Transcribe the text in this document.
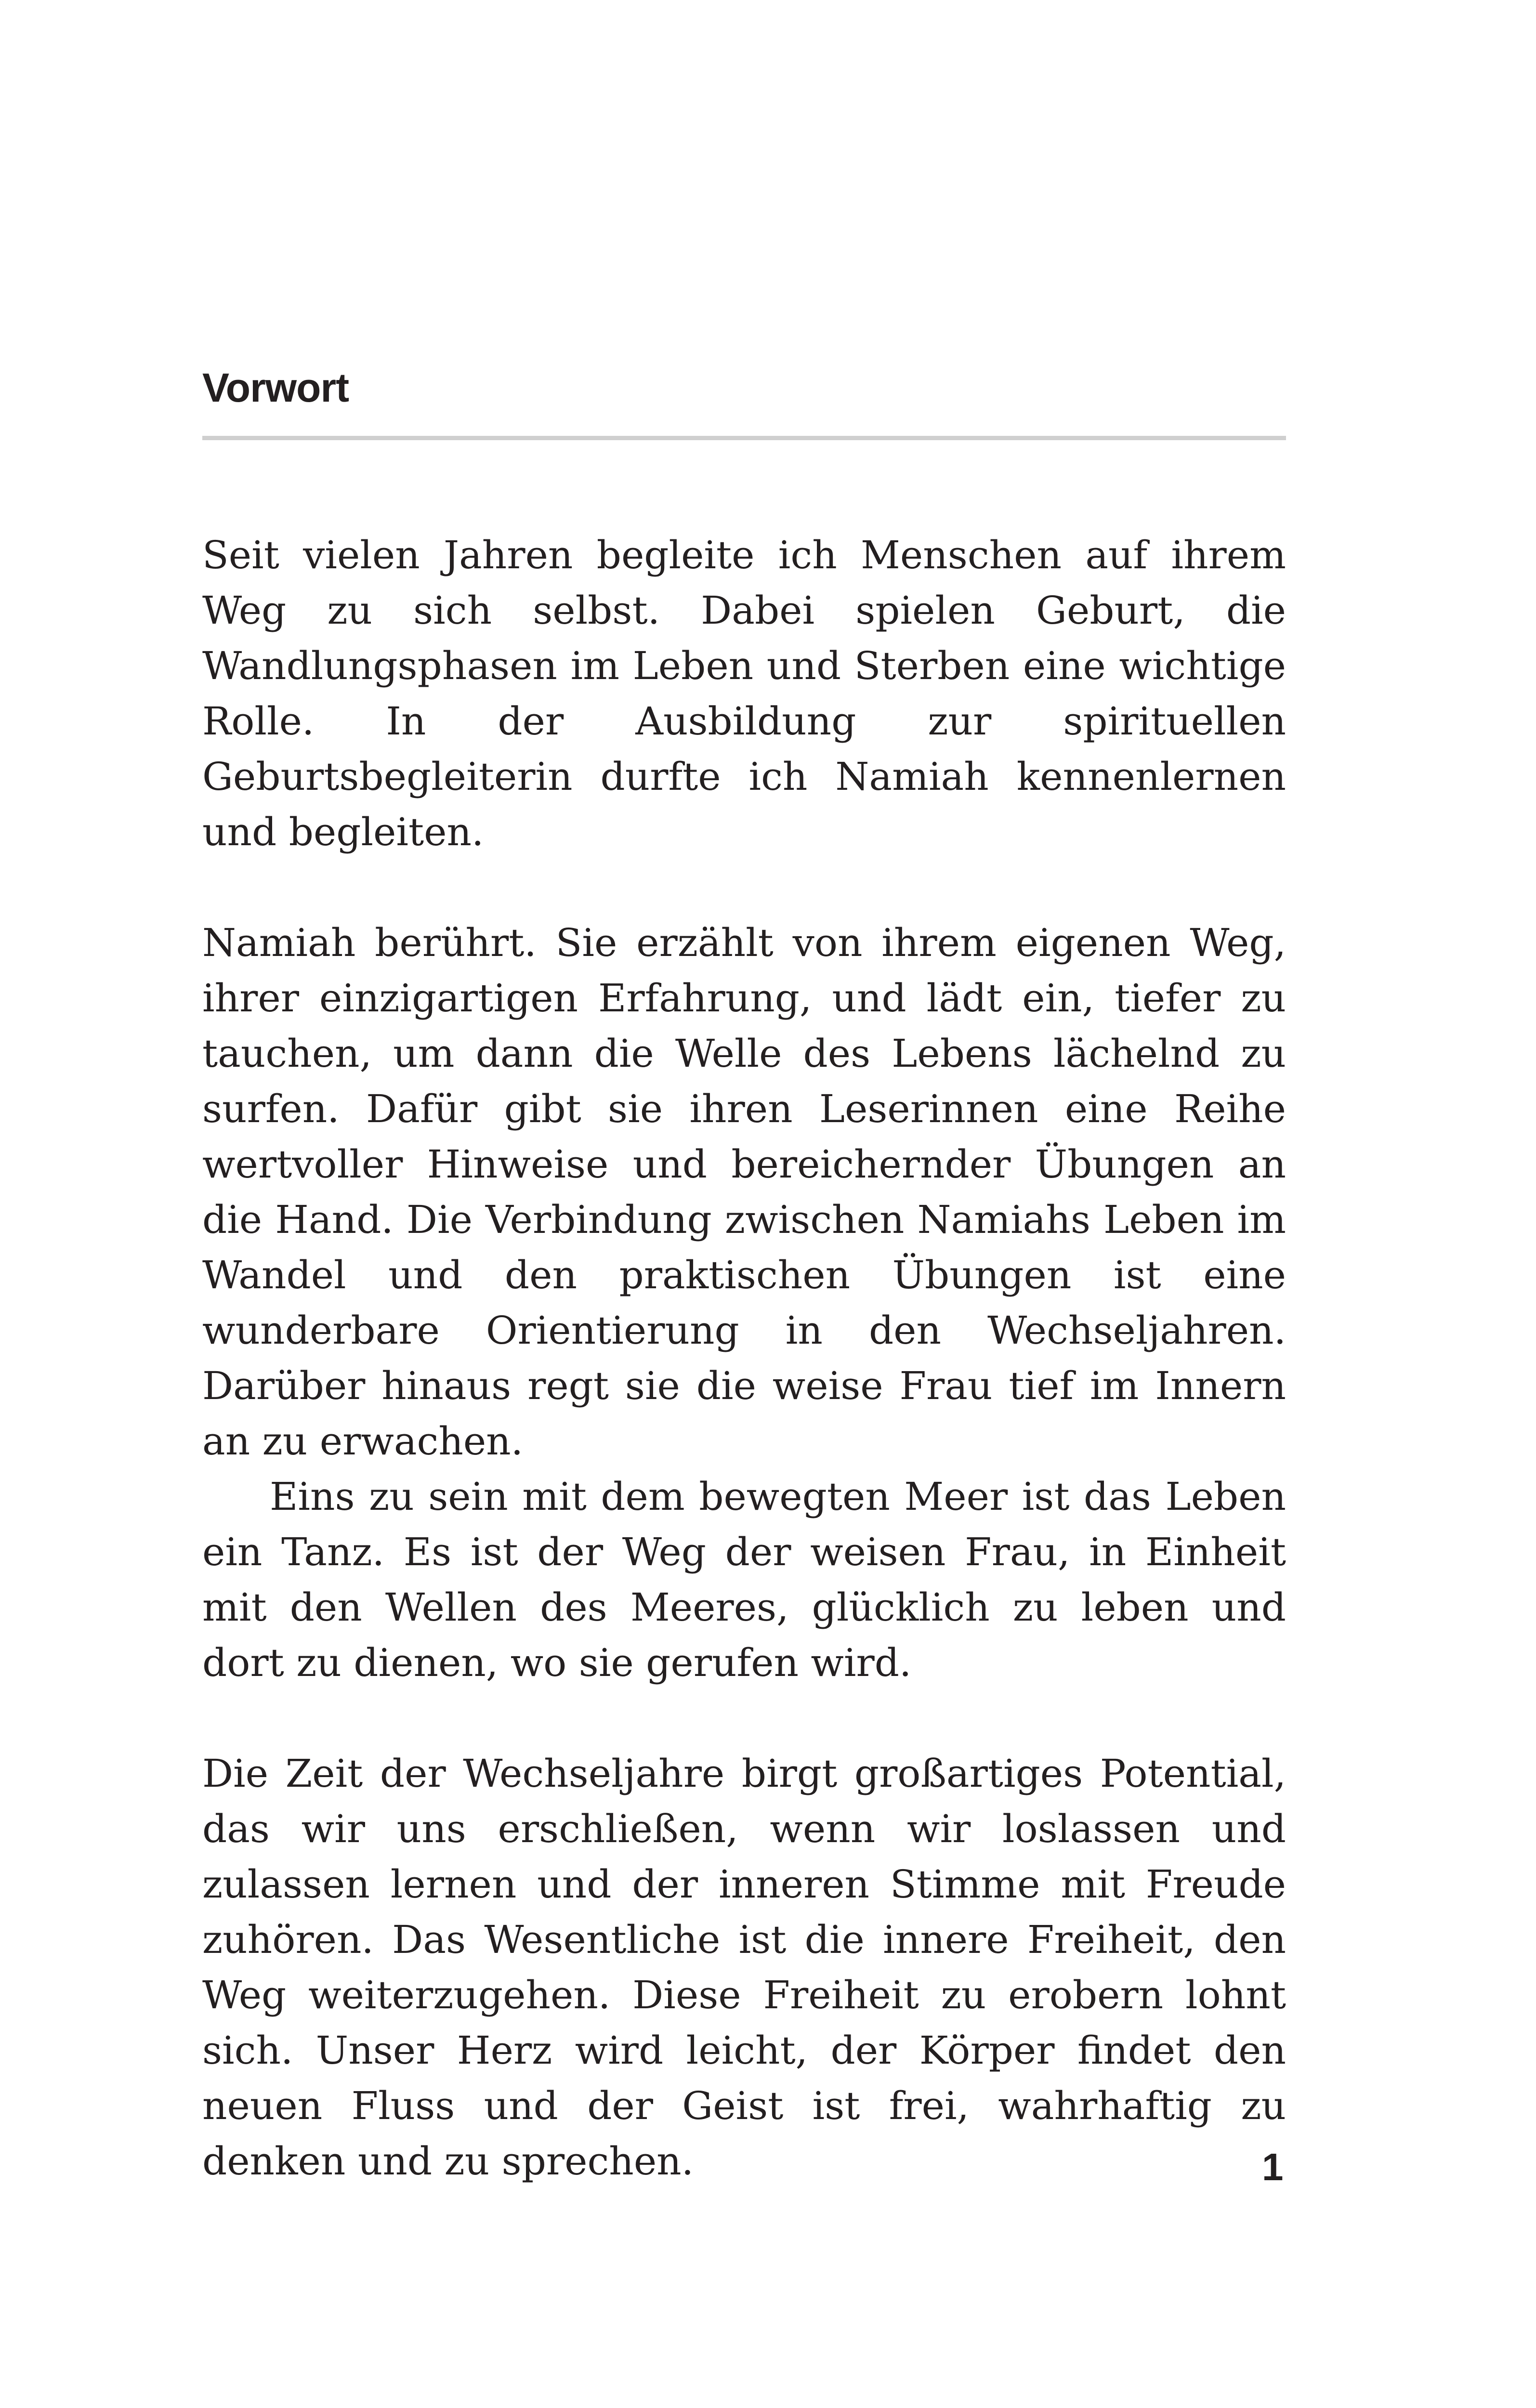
Vorwort

Seit vielen Jahren begleite ich Menschen auf ihrem Weg zu sich selbst. Dabei spielen Geburt, die Wandlungsphasen im Leben und Sterben eine wichtige Rolle. In der Ausbildung zur spirituellen Geburtsbegleiterin durfte ich Namiah kennenlernen und begleiten.

Namiah berührt. Sie erzählt von ihrem eigenen Weg, ihrer einzigartigen Erfahrung, und lädt ein, tiefer zu tauchen, um dann die Welle des Lebens lächelnd zu surfen. Dafür gibt sie ihren Leserinnen eine Reihe wertvoller Hinweise und bereichernder Übungen an die Hand. Die Verbindung zwischen Namiahs Leben im Wandel und den praktischen Übungen ist eine wunderbare Orientierung in den Wechseljahren. Darüber hinaus regt sie die weise Frau tief im Innern an zu erwachen.

Eins zu sein mit dem bewegten Meer ist das Leben ein Tanz. Es ist der Weg der weisen Frau, in Einheit mit den Wellen des Meeres, glücklich zu leben und dort zu dienen, wo sie gerufen wird.

Die Zeit der Wechseljahre birgt großartiges Potential, das wir uns erschließen, wenn wir loslassen und zulassen lernen und der inneren Stimme mit Freude zuhören. Das Wesentliche ist die innere Freiheit, den Weg weiterzugehen. Diese Freiheit zu erobern lohnt sich. Unser Herz wird leicht, der Körper findet den neuen Fluss und der Geist ist frei, wahrhaftig zu denken und zu sprechen.	1
